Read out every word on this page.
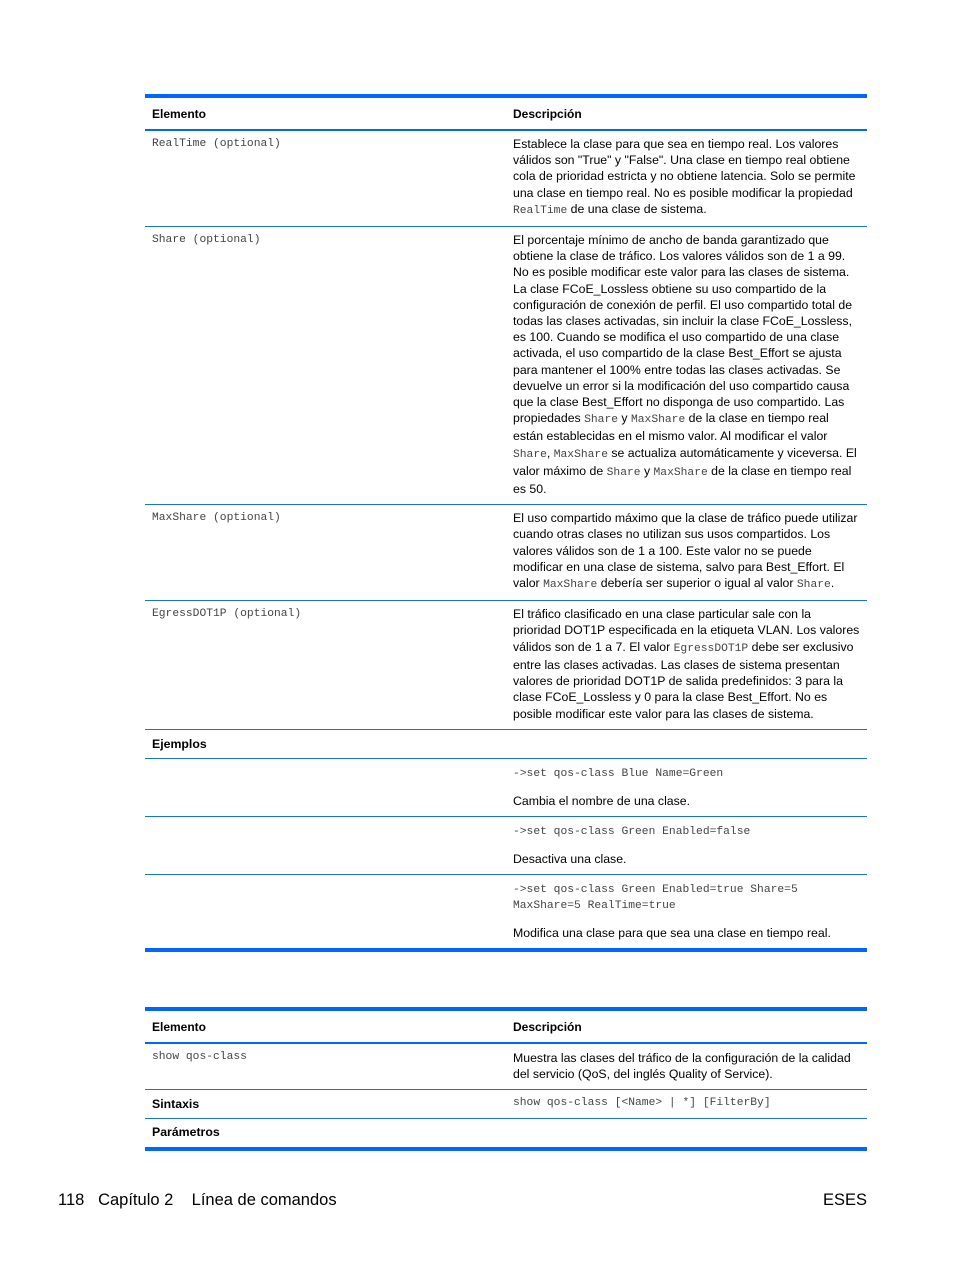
Elemento	Descripción
RealTime (optional)	Establece la clase para que sea en tiempo real. Los valores válidos son "True" y "False". Una clase en tiempo real obtiene cola de prioridad estricta y no obtiene latencia. Solo se permite una clase en tiempo real. No es posible modificar la propiedad RealTime de una clase de sistema.
Share (optional)	El porcentaje mínimo de ancho de banda garantizado que obtiene la clase de tráfico. Los valores válidos son de 1 a 99. No es posible modificar este valor para las clases de sistema. La clase FCoE_Lossless obtiene su uso compartido de la configuración de conexión de perfil. El uso compartido total de todas las clases activadas, sin incluir la clase FCoE_Lossless, es 100. Cuando se modifica el uso compartido de una clase activada, el uso compartido de la clase Best_Effort se ajusta para mantener el 100% entre todas las clases activadas. Se devuelve un error si la modificación del uso compartido causa que la clase Best_Effort no disponga de uso compartido. Las propiedades Share y MaxShare de la clase en tiempo real están establecidas en el mismo valor. Al modificar el valor Share, MaxShare se actualiza automáticamente y viceversa. El valor máximo de Share y MaxShare de la clase en tiempo real es 50.
MaxShare (optional)	El uso compartido máximo que la clase de tráfico puede utilizar cuando otras clases no utilizan sus usos compartidos. Los valores válidos son de 1 a 100. Este valor no se puede modificar en una clase de sistema, salvo para Best_Effort. El valor MaxShare debería ser superior o igual al valor Share.
EgressDOT1P (optional)	El tráfico clasificado en una clase particular sale con la prioridad DOT1P especificada en la etiqueta VLAN. Los valores válidos son de 1 a 7. El valor EgressDOT1P debe ser exclusivo entre las clases activadas. Las clases de sistema presentan valores de prioridad DOT1P de salida predefinidos: 3 para la clase FCoE_Lossless y 0 para la clase Best_Effort. No es posible modificar este valor para las clases de sistema.
Ejemplos
->set qos-class Blue Name=Green
Cambia el nombre de una clase.
->set qos-class Green Enabled=false
Desactiva una clase.
->set qos-class Green Enabled=true Share=5
MaxShare=5 RealTime=true
Modifica una clase para que sea una clase en tiempo real.
Elemento	Descripción
show qos-class	Muestra las clases del tráfico de la configuración de la calidad del servicio (QoS, del inglés Quality of Service).
Sintaxis	show qos-class [<Name> | *] [FilterBy]
Parámetros
118 Capítulo 2 Línea de comandos	ESES
